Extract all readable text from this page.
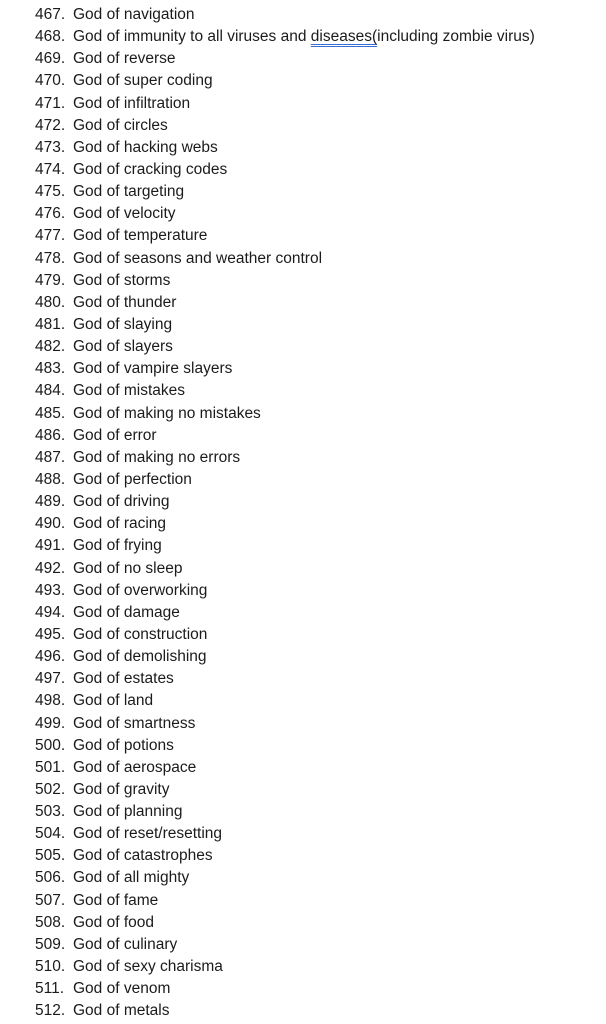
467. God of navigation
468. God of immunity to all viruses and diseases(including zombie virus)
469. God of reverse
470. God of super coding
471. God of infiltration
472. God of circles
473. God of hacking webs
474. God of cracking codes
475. God of targeting
476. God of velocity
477. God of temperature
478. God of seasons and weather control
479. God of storms
480. God of thunder
481. God of slaying
482. God of slayers
483. God of vampire slayers
484. God of mistakes
485. God of making no mistakes
486. God of error
487. God of making no errors
488. God of perfection
489. God of driving
490. God of racing
491. God of frying
492. God of no sleep
493. God of overworking
494. God of damage
495. God of construction
496. God of demolishing
497. God of estates
498. God of land
499. God of smartness
500. God of potions
501. God of aerospace
502. God of gravity
503. God of planning
504. God of reset/resetting
505. God of catastrophes
506. God of all mighty
507. God of fame
508. God of food
509. God of culinary
510. God of sexy charisma
511. God of venom
512. God of metals
